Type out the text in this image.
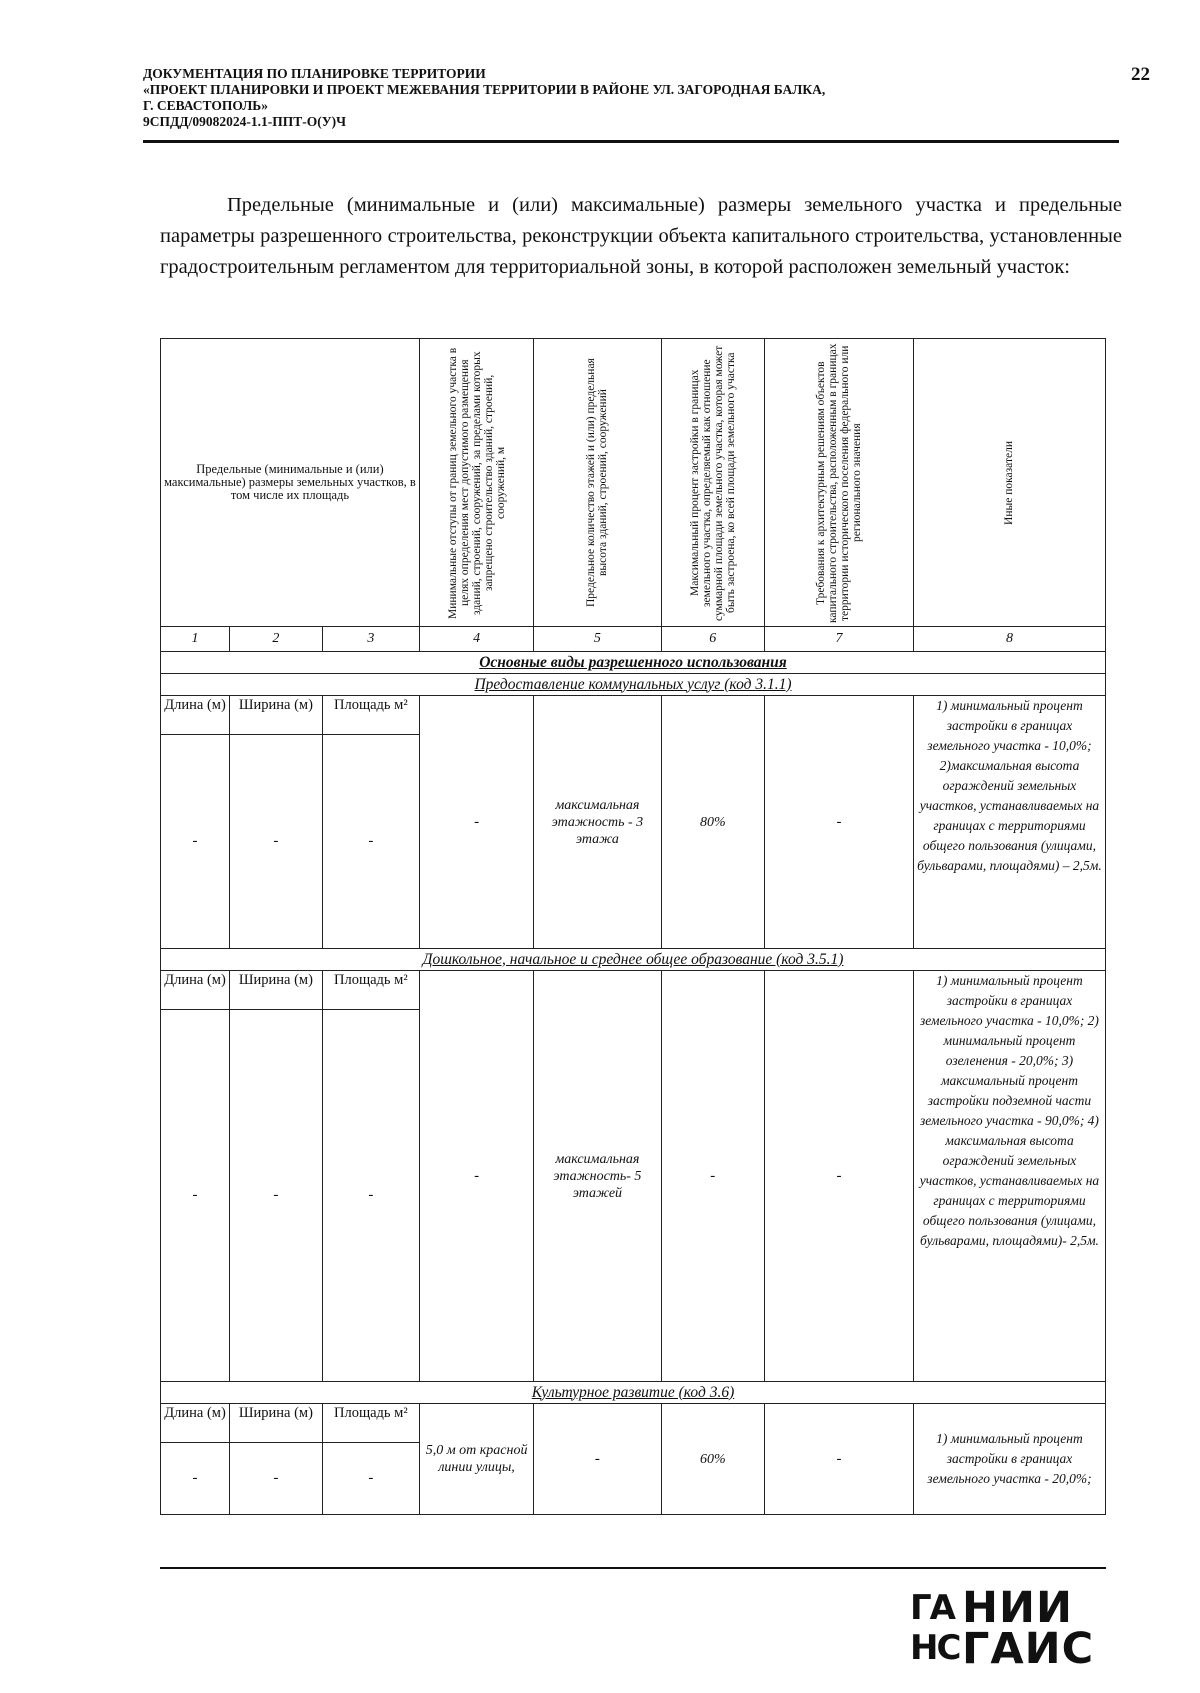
ДОКУМЕНТАЦИЯ ПО ПЛАНИРОВКЕ ТЕРРИТОРИИ
«ПРОЕКТ ПЛАНИРОВКИ И ПРОЕКТ МЕЖЕВАНИЯ ТЕРРИТОРИИ В РАЙОНЕ УЛ. ЗАГОРОДНАЯ БАЛКА,
Г. СЕВАСТОПОЛЬ»
9СПДД/09082024-1.1-ППТ-О(У)Ч
22

Предельные (минимальные и (или) максимальные) размеры земельного участка и предельные параметры разрешенного строительства, реконструкции объекта капитального строительства, установленные градостроительным регламентом для территориальной зоны, в которой расположен земельный участок:

Предельные (минимальные и (или) максимальные) размеры земельных участков, в том числе их площадь			Минимальные отступы от границ земельного участка в целях определения мест допустимого размещения зданий, строений, сооружений, за пределами которых запрещено строительство зданий, строений, сооружений, м	Предельное количество этажей и (или) предельная высота зданий, строений, сооружений	Максимальный процент застройки в границах земельного участка, определяемый как отношение суммарной площади земельного участка, которая может быть застроена, ко всей площади земельного участка	Требования к архитектурным решениям объектов капитального строительства, расположенным в границах территории исторического поселения федерального или регионального значения	Иные показатели

1	2	3	4	5	6	7	8
Основные виды разрешенного использования							
Предоставление коммунальных услуг (код 3.1.1)							
Длина (м)	Ширина (м)	Площадь м²	-	максимальная этажность - 3 этажа	80%	-	1) минимальный процент застройки в границах земельного участка - 10,0%; 2)максимальная высота ограждений земельных участков, устанавливаемых на границах с территориями общего пользования (улицами, бульварами, площадями) – 2,5м.
-	-	-					
Дошкольное, начальное и среднее общее образование (код 3.5.1)							
Длина (м)	Ширина (м)	Площадь м²	-	максимальная этажность- 5 этажей	-	-	1) минимальный процент застройки в границах земельного участка - 10,0%; 2) минимальный процент озеленения - 20,0%; 3) максимальный процент застройки подземной части земельного участка - 90,0%; 4) максимальная высота ограждений земельных участков, устанавливаемых на границах с территориями общего пользования (улицами, бульварами, площадями)- 2,5м.
-	-	-					
Культурное развитие (код 3.6)							
Длина (м)	Ширина (м)	Площадь м²	5,0 м от красной линии улицы,	-	60%	-	1) минимальный процент застройки в границах земельного участка - 20,0%;
-	-	-					
ГА НС
НИИ
ГАИС
